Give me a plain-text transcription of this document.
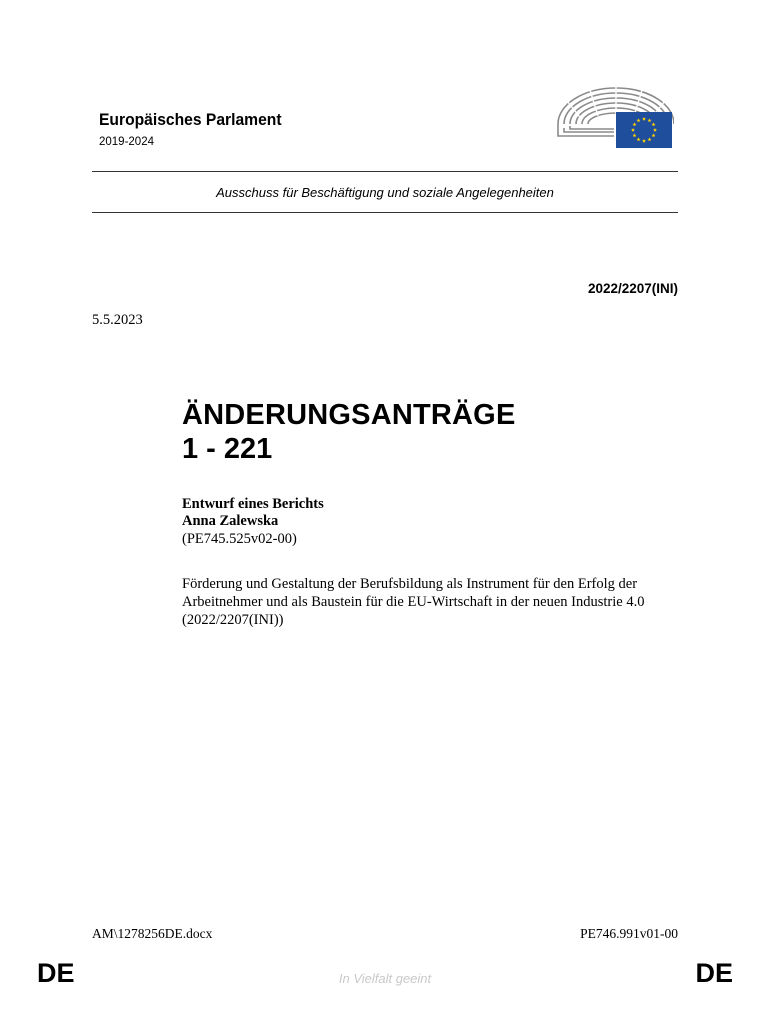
Europäisches Parlament
2019-2024
Ausschuss für Beschäftigung und soziale Angelegenheiten
2022/2207(INI)
5.5.2023
ÄNDERUNGSANTRÄGE
1 - 221
Entwurf eines Berichts
Anna Zalewska
(PE745.525v02-00)
Förderung und Gestaltung der Berufsbildung als Instrument für den Erfolg der
Arbeitnehmer und als Baustein für die EU-Wirtschaft in der neuen Industrie 4.0
(2022/2207(INI))
AM\1278256DE.docx	PE746.991v01-00
DE	In Vielfalt geeint	DE
